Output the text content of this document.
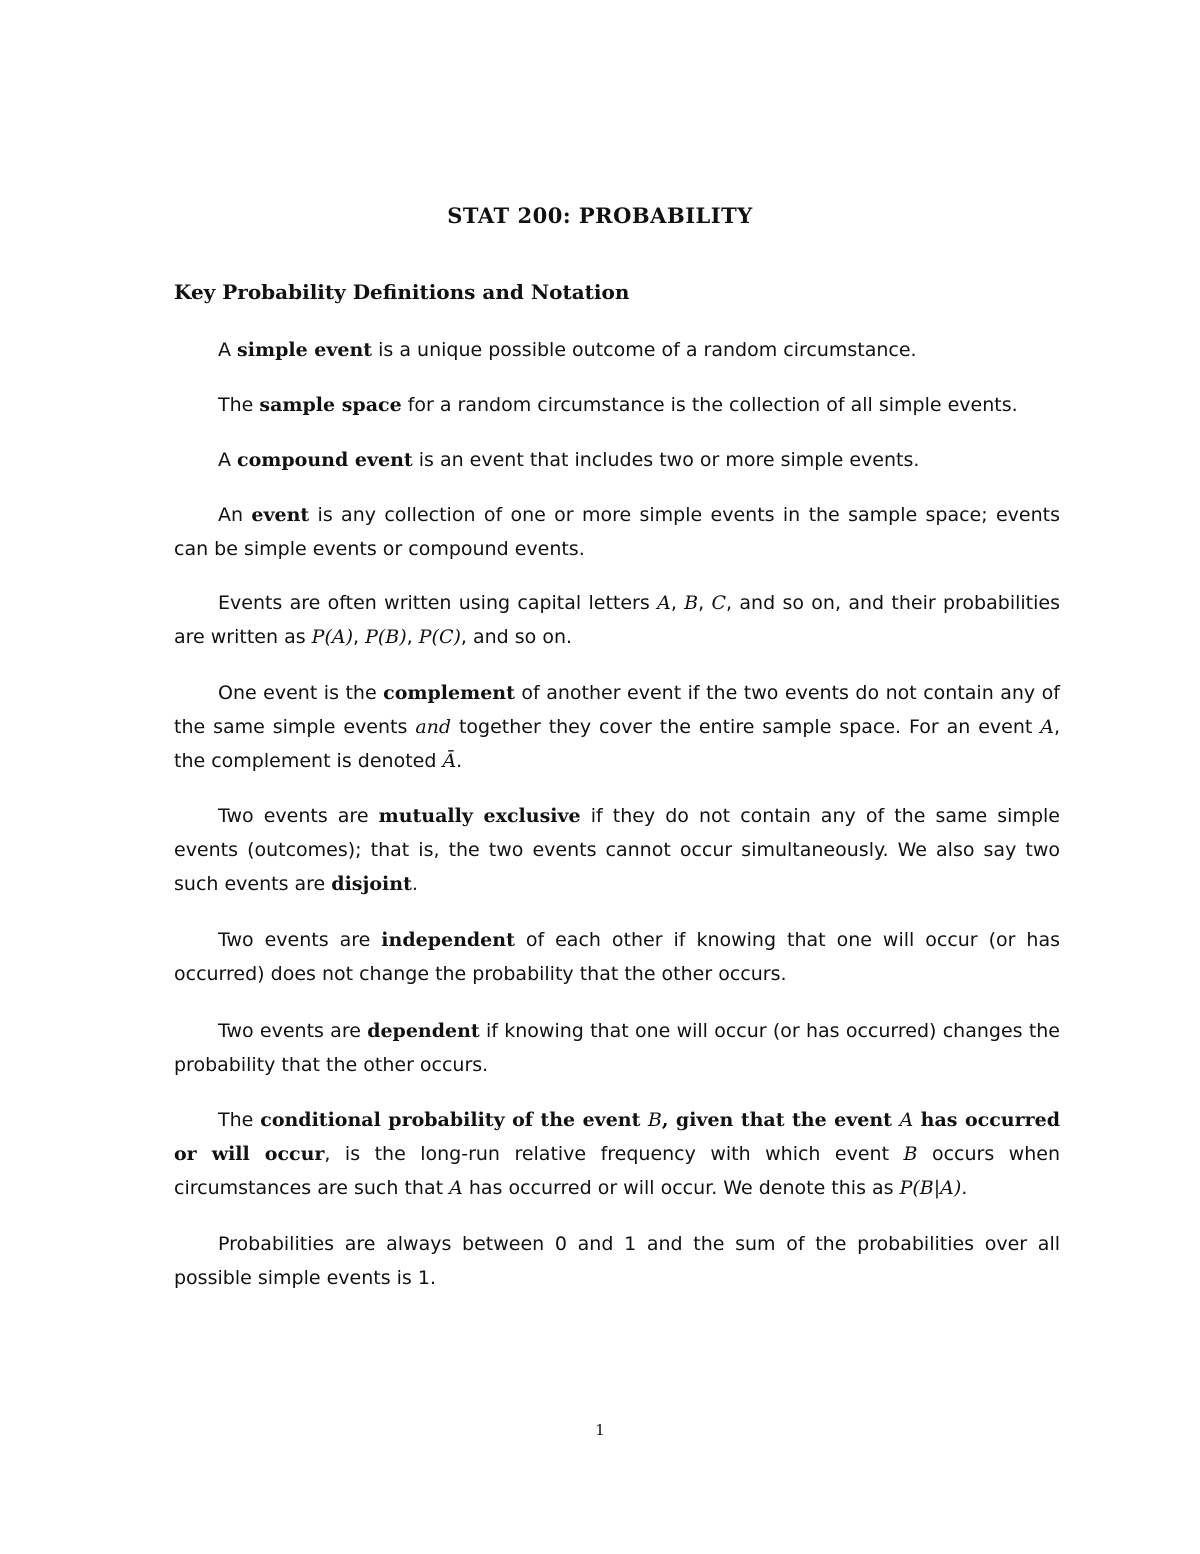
STAT 200: PROBABILITY
Key Probability Definitions and Notation

A simple event is a unique possible outcome of a random circumstance.

The sample space for a random circumstance is the collection of all simple events.

A compound event is an event that includes two or more simple events.

An event is any collection of one or more simple events in the sample space; events can be simple events or compound events.

Events are often written using capital letters A, B, C, and so on, and their probabilities are written as P(A), P(B), P(C), and so on.

One event is the complement of another event if the two events do not contain any of the same simple events and together they cover the entire sample space. For an event A, the complement is denoted Ā.

Two events are mutually exclusive if they do not contain any of the same simple events (outcomes); that is, the two events cannot occur simultaneously. We also say two such events are disjoint.

Two events are independent of each other if knowing that one will occur (or has occurred) does not change the probability that the other occurs.

Two events are dependent if knowing that one will occur (or has occurred) changes the probability that the other occurs.

The conditional probability of the event B, given that the event A has occurred or will occur, is the long-run relative frequency with which event B occurs when circumstances are such that A has occurred or will occur. We denote this as P(B|A).

Probabilities are always between 0 and 1 and the sum of the probabilities over all possible simple events is 1.

1
